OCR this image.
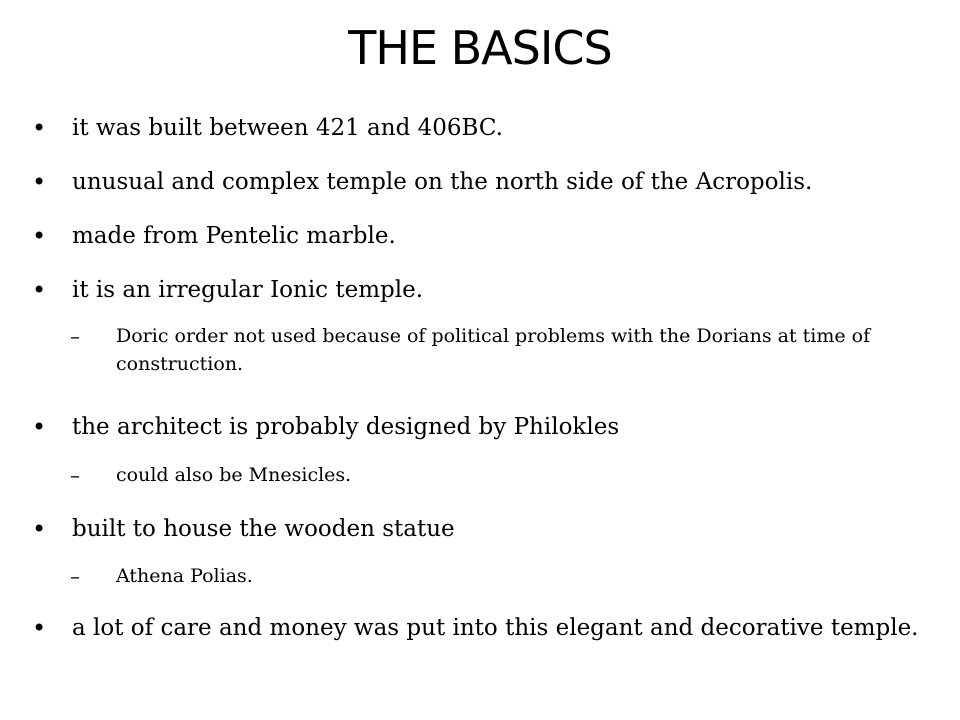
THE BASICS
•	it was built between 421 and 406BC.
•	unusual and complex temple on the north side of the Acropolis.
•	made from Pentelic marble.
•	it is an irregular Ionic temple.
–	Doric order not used because of political problems with the Dorians at time of construction.
•	the architect is probably designed by Philokles
–	could also be Mnesicles.
•	built to house the wooden statue
–	Athena Polias.
•	a lot of care and money was put into this elegant and decorative temple.
